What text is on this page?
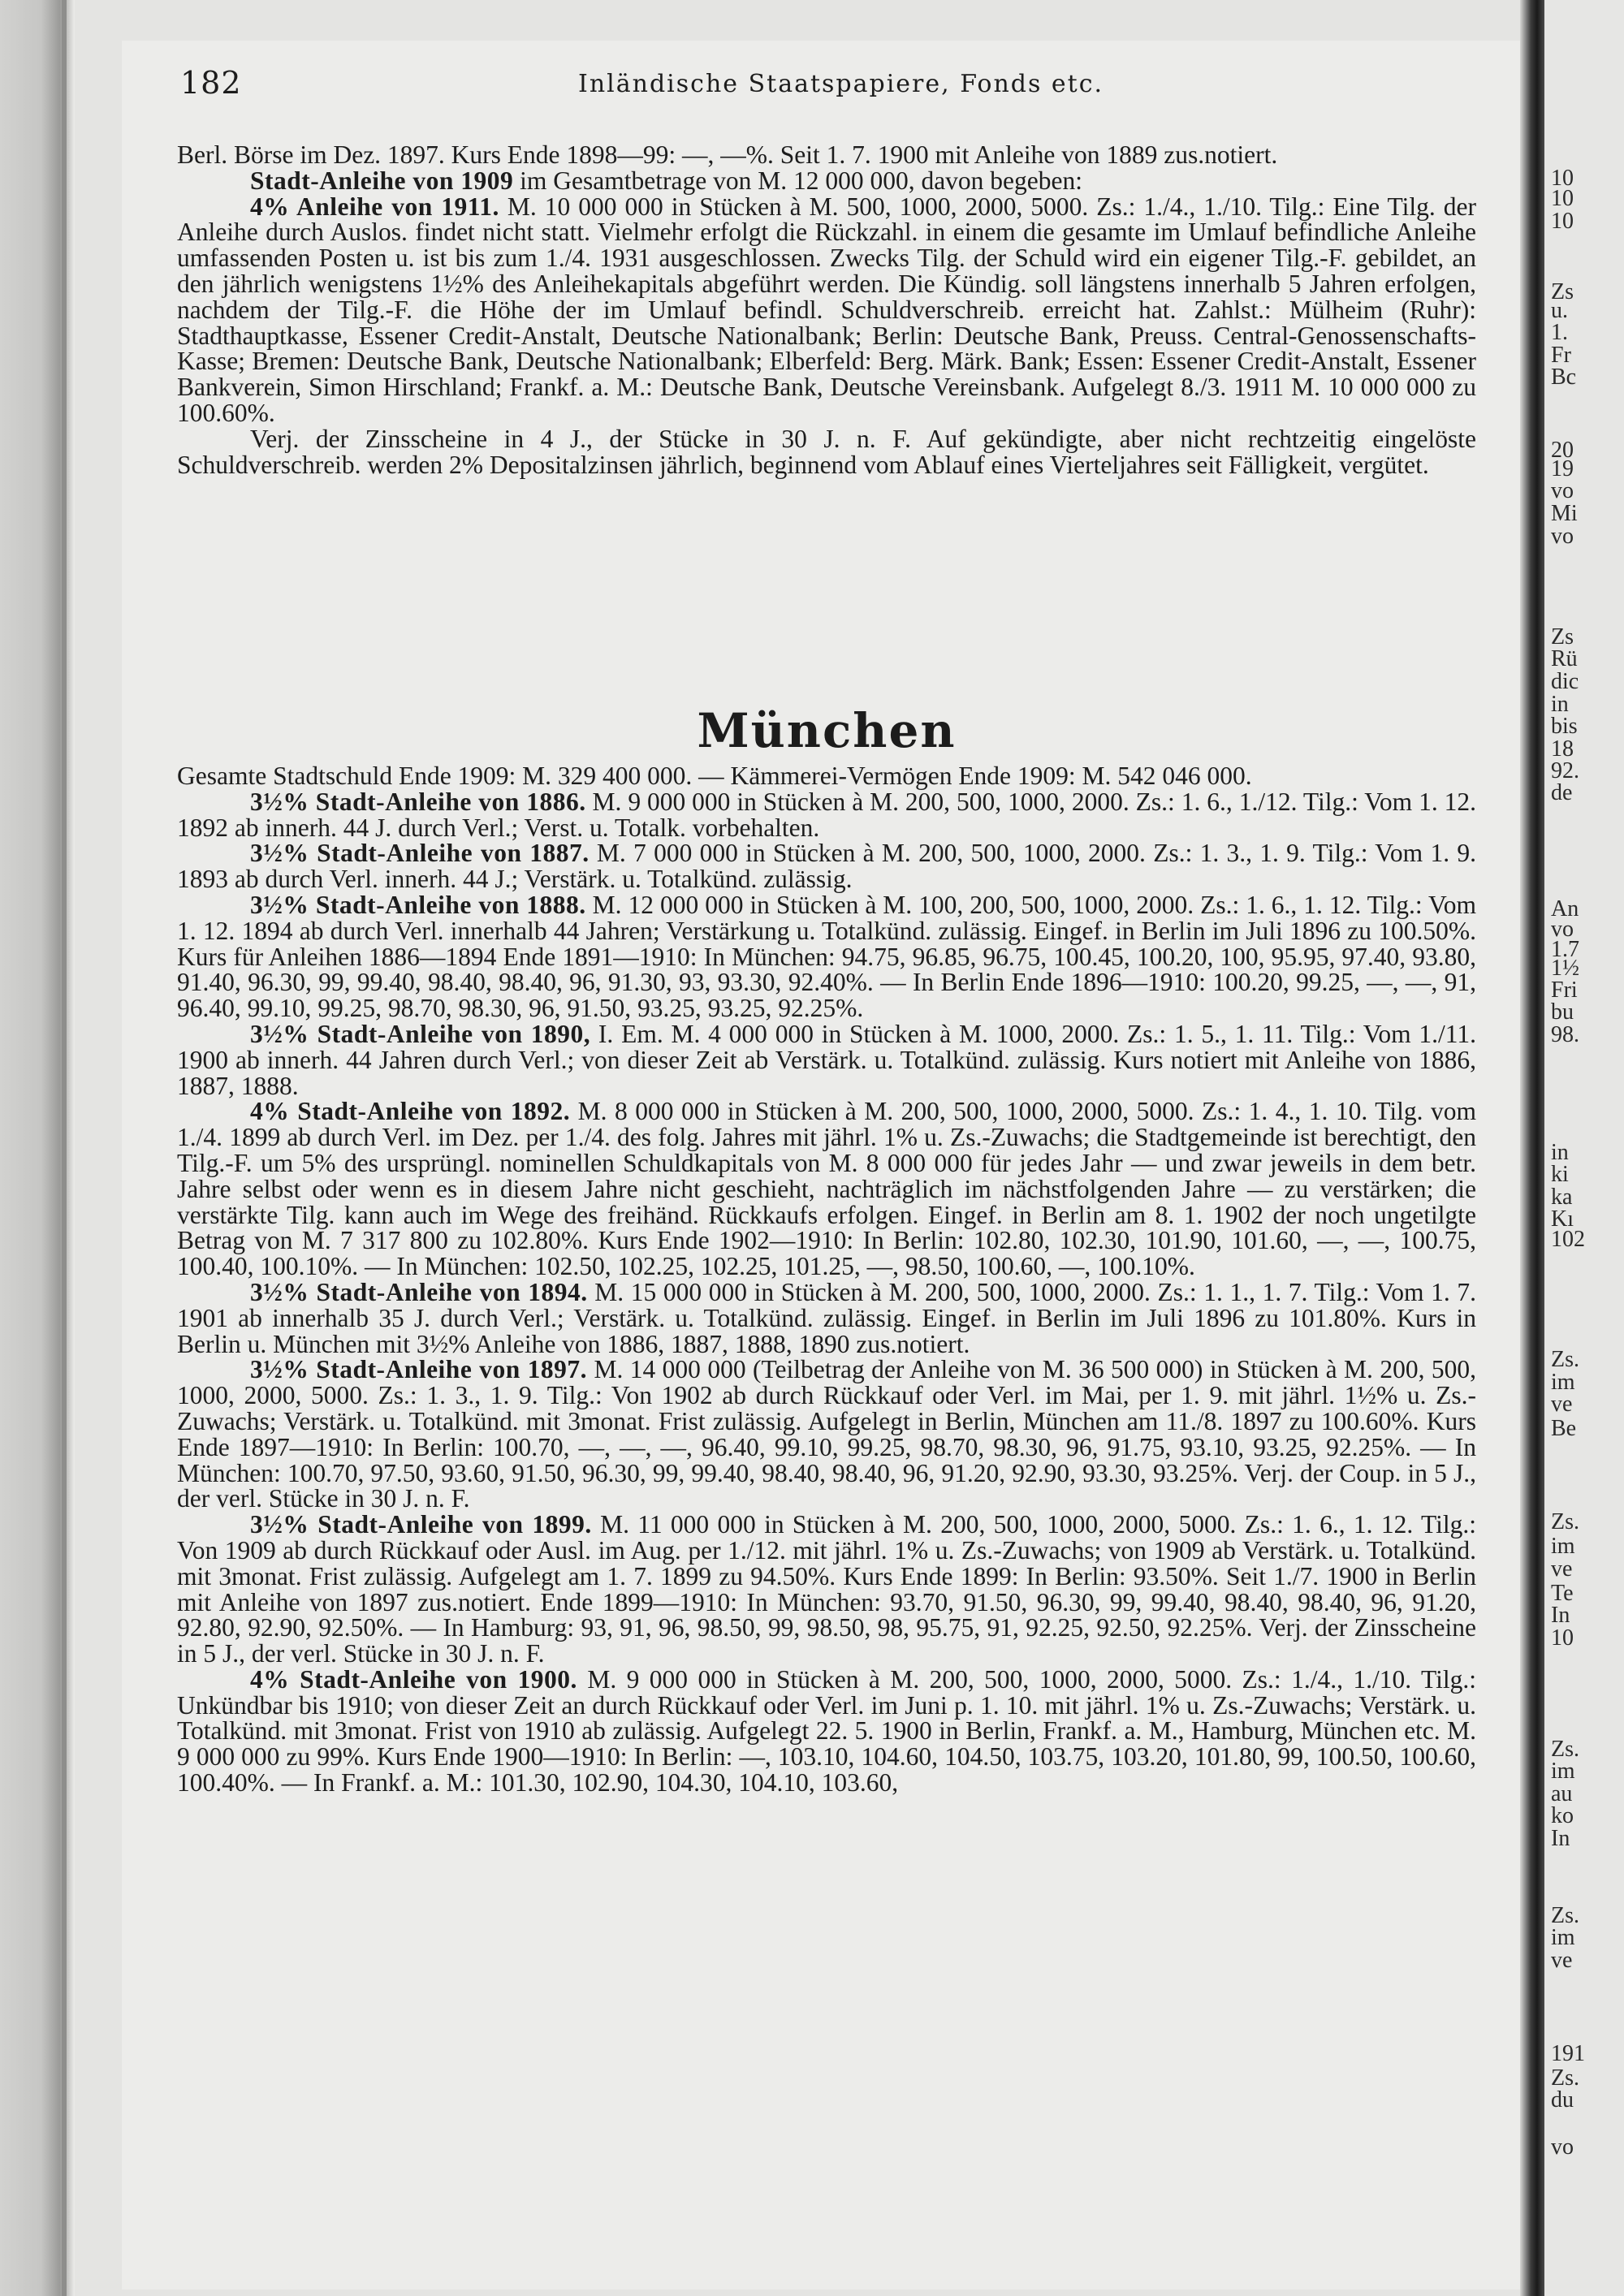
10
10
10
Zs
u.
1.
Fr
Bc
20
19
vo
Mi
vo
Zs
Rü
dic
in
bis
18
92.
de
An
vo
1.7
1½
Fri
bu
98.
in
ki
ka
Kı
102
Zs.
im
ve
Be
Zs.
im
ve
Te
In
10
Zs.
im
au
ko
In
Zs.
im
ve
191
Zs.
du
vo
182	Inländische Staatspapiere, Fonds etc.

Berl. Börse im Dez. 1897. Kurs Ende 1898—99: —, —%. Seit 1. 7. 1900 mit Anleihe von 1889 zus.notiert.

Stadt-Anleihe von 1909 im Gesamtbetrage von M. 12 000 000, davon begeben:

4% Anleihe von 1911. M. 10 000 000 in Stücken à M. 500, 1000, 2000, 5000. Zs.: 1./4., 1./10. Tilg.: Eine Tilg. der Anleihe durch Auslos. findet nicht statt. Vielmehr erfolgt die Rückzahl. in einem die gesamte im Umlauf befindliche Anleihe umfassenden Posten u. ist bis zum 1./4. 1931 ausgeschlossen. Zwecks Tilg. der Schuld wird ein eigener Tilg.-F. gebildet, an den jährlich wenigstens 1½% des Anleihekapitals abgeführt werden. Die Kündig. soll längstens innerhalb 5 Jahren erfolgen, nachdem der Tilg.-F. die Höhe der im Umlauf befindl. Schuldverschreib. erreicht hat. Zahlst.: Mülheim (Ruhr): Stadthauptkasse, Essener Credit-Anstalt, Deutsche Nationalbank; Berlin: Deutsche Bank, Preuss. Central-Genossenschafts-Kasse; Bremen: Deutsche Bank, Deutsche Nationalbank; Elberfeld: Berg. Märk. Bank; Essen: Essener Credit-Anstalt, Essener Bankverein, Simon Hirschland; Frankf. a. M.: Deutsche Bank, Deutsche Vereinsbank. Aufgelegt 8./3. 1911 M. 10 000 000 zu 100.60%.

Verj. der Zinsscheine in 4 J., der Stücke in 30 J. n. F. Auf gekündigte, aber nicht rechtzeitig eingelöste Schuldverschreib. werden 2% Depositalzinsen jährlich, beginnend vom Ablauf eines Vierteljahres seit Fälligkeit, vergütet.

München

Gesamte Stadtschuld Ende 1909: M. 329 400 000. — Kämmerei-Vermögen Ende 1909: M. 542 046 000.

3½% Stadt-Anleihe von 1886. M. 9 000 000 in Stücken à M. 200, 500, 1000, 2000. Zs.: 1. 6., 1./12. Tilg.: Vom 1. 12. 1892 ab innerh. 44 J. durch Verl.; Verst. u. Totalk. vorbehalten.

3½% Stadt-Anleihe von 1887. M. 7 000 000 in Stücken à M. 200, 500, 1000, 2000. Zs.: 1. 3., 1. 9. Tilg.: Vom 1. 9. 1893 ab durch Verl. innerh. 44 J.; Verstärk. u. Totalkünd. zulässig.

3½% Stadt-Anleihe von 1888. M. 12 000 000 in Stücken à M. 100, 200, 500, 1000, 2000. Zs.: 1. 6., 1. 12. Tilg.: Vom 1. 12. 1894 ab durch Verl. innerhalb 44 Jahren; Verstärkung u. Totalkünd. zulässig. Eingef. in Berlin im Juli 1896 zu 100.50%. Kurs für Anleihen 1886—1894 Ende 1891—1910: In München: 94.75, 96.85, 96.75, 100.45, 100.20, 100, 95.95, 97.40, 93.80, 91.40, 96.30, 99, 99.40, 98.40, 98.40, 96, 91.30, 93, 93.30, 92.40%. — In Berlin Ende 1896—1910: 100.20, 99.25, —, —, 91, 96.40, 99.10, 99.25, 98.70, 98.30, 96, 91.50, 93.25, 93.25, 92.25%.

3½% Stadt-Anleihe von 1890, I. Em. M. 4 000 000 in Stücken à M. 1000, 2000. Zs.: 1. 5., 1. 11. Tilg.: Vom 1./11. 1900 ab innerh. 44 Jahren durch Verl.; von dieser Zeit ab Verstärk. u. Totalkünd. zulässig. Kurs notiert mit Anleihe von 1886, 1887, 1888.

4% Stadt-Anleihe von 1892. M. 8 000 000 in Stücken à M. 200, 500, 1000, 2000, 5000. Zs.: 1. 4., 1. 10. Tilg. vom 1./4. 1899 ab durch Verl. im Dez. per 1./4. des folg. Jahres mit jährl. 1% u. Zs.-Zuwachs; die Stadtgemeinde ist berechtigt, den Tilg.-F. um 5% des ursprüngl. nominellen Schuldkapitals von M. 8 000 000 für jedes Jahr — und zwar jeweils in dem betr. Jahre selbst oder wenn es in diesem Jahre nicht geschieht, nachträglich im nächstfolgenden Jahre — zu verstärken; die verstärkte Tilg. kann auch im Wege des freihänd. Rückkaufs erfolgen. Eingef. in Berlin am 8. 1. 1902 der noch ungetilgte Betrag von M. 7 317 800 zu 102.80%. Kurs Ende 1902—1910: In Berlin: 102.80, 102.30, 101.90, 101.60, —, —, 100.75, 100.40, 100.10%. — In München: 102.50, 102.25, 102.25, 101.25, —, 98.50, 100.60, —, 100.10%.

3½% Stadt-Anleihe von 1894. M. 15 000 000 in Stücken à M. 200, 500, 1000, 2000. Zs.: 1. 1., 1. 7. Tilg.: Vom 1. 7. 1901 ab innerhalb 35 J. durch Verl.; Verstärk. u. Totalkünd. zulässig. Eingef. in Berlin im Juli 1896 zu 101.80%. Kurs in Berlin u. München mit 3½% Anleihe von 1886, 1887, 1888, 1890 zus.notiert.

3½% Stadt-Anleihe von 1897. M. 14 000 000 (Teilbetrag der Anleihe von M. 36 500 000) in Stücken à M. 200, 500, 1000, 2000, 5000. Zs.: 1. 3., 1. 9. Tilg.: Von 1902 ab durch Rückkauf oder Verl. im Mai, per 1. 9. mit jährl. 1½% u. Zs.-Zuwachs; Verstärk. u. Totalkünd. mit 3monat. Frist zulässig. Aufgelegt in Berlin, München am 11./8. 1897 zu 100.60%. Kurs Ende 1897—1910: In Berlin: 100.70, —, —, —, 96.40, 99.10, 99.25, 98.70, 98.30, 96, 91.75, 93.10, 93.25, 92.25%. — In München: 100.70, 97.50, 93.60, 91.50, 96.30, 99, 99.40, 98.40, 98.40, 96, 91.20, 92.90, 93.30, 93.25%. Verj. der Coup. in 5 J., der verl. Stücke in 30 J. n. F.

3½% Stadt-Anleihe von 1899. M. 11 000 000 in Stücken à M. 200, 500, 1000, 2000, 5000. Zs.: 1. 6., 1. 12. Tilg.: Von 1909 ab durch Rückkauf oder Ausl. im Aug. per 1./12. mit jährl. 1% u. Zs.-Zuwachs; von 1909 ab Verstärk. u. Totalkünd. mit 3monat. Frist zulässig. Aufgelegt am 1. 7. 1899 zu 94.50%. Kurs Ende 1899: In Berlin: 93.50%. Seit 1./7. 1900 in Berlin mit Anleihe von 1897 zus.notiert. Ende 1899—1910: In München: 93.70, 91.50, 96.30, 99, 99.40, 98.40, 98.40, 96, 91.20, 92.80, 92.90, 92.50%. — In Hamburg: 93, 91, 96, 98.50, 99, 98.50, 98, 95.75, 91, 92.25, 92.50, 92.25%. Verj. der Zinsscheine in 5 J., der verl. Stücke in 30 J. n. F.

4% Stadt-Anleihe von 1900. M. 9 000 000 in Stücken à M. 200, 500, 1000, 2000, 5000. Zs.: 1./4., 1./10. Tilg.: Unkündbar bis 1910; von dieser Zeit an durch Rückkauf oder Verl. im Juni p. 1. 10. mit jährl. 1% u. Zs.-Zuwachs; Verstärk. u. Totalkünd. mit 3monat. Frist von 1910 ab zulässig. Aufgelegt 22. 5. 1900 in Berlin, Frankf. a. M., Hamburg, München etc. M. 9 000 000 zu 99%. Kurs Ende 1900—1910: In Berlin: —, 103.10, 104.60, 104.50, 103.75, 103.20, 101.80, 99, 100.50, 100.60, 100.40%. — In Frankf. a. M.: 101.30, 102.90, 104.30, 104.10, 103.60,
